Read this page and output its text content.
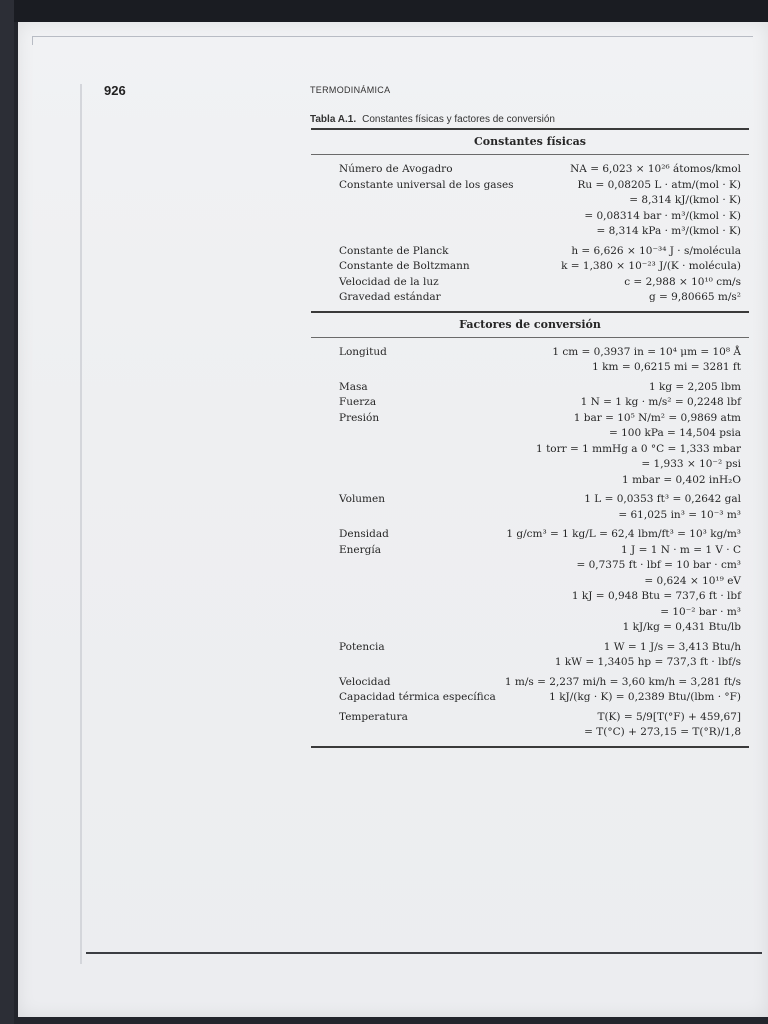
926	TERMODINÁMICA
Tabla A.1. Constantes físicas y factores de conversión
Constantes físicas
Número de Avogadro	NA = 6,023 × 10²⁶ átomos/kmol
Constante universal de los gases	Ru = 0,08205 L · atm/(mol · K)
= 8,314 kJ/(kmol · K)
= 0,08314 bar · m³/(kmol · K)
= 8,314 kPa · m³/(kmol · K)
Constante de Planck	h = 6,626 × 10⁻³⁴ J · s/molécula
Constante de Boltzmann	k = 1,380 × 10⁻²³ J/(K · molécula)
Velocidad de la luz	c = 2,988 × 10¹⁰ cm/s
Gravedad estándar	g = 9,80665 m/s²
Factores de conversión
Longitud	1 cm = 0,3937 in = 10⁴ μm = 10⁸ Å
1 km = 0,6215 mi = 3281 ft
Masa	1 kg = 2,205 lbm
Fuerza	1 N = 1 kg · m/s² = 0,2248 lbf
Presión	1 bar = 10⁵ N/m² = 0,9869 atm
= 100 kPa = 14,504 psia
1 torr = 1 mmHg a 0 °C = 1,333 mbar
= 1,933 × 10⁻² psi
1 mbar = 0,402 inH₂O
Volumen	1 L = 0,0353 ft³ = 0,2642 gal
= 61,025 in³ = 10⁻³ m³
Densidad	1 g/cm³ = 1 kg/L = 62,4 lbm/ft³ = 10³ kg/m³
Energía	1 J = 1 N · m = 1 V · C
= 0,7375 ft · lbf = 10 bar · cm³
= 0,624 × 10¹⁹ eV
1 kJ = 0,948 Btu = 737,6 ft · lbf
= 10⁻² bar · m³
1 kJ/kg = 0,431 Btu/lb
Potencia	1 W = 1 J/s = 3,413 Btu/h
1 kW = 1,3405 hp = 737,3 ft · lbf/s
Velocidad	1 m/s = 2,237 mi/h = 3,60 km/h = 3,281 ft/s
Capacidad térmica específica	1 kJ/(kg · K) = 0,2389 Btu/(lbm · °F)
Temperatura	T(K) = 5/9[T(°F) + 459,67]
= T(°C) + 273,15 = T(°R)/1,8
